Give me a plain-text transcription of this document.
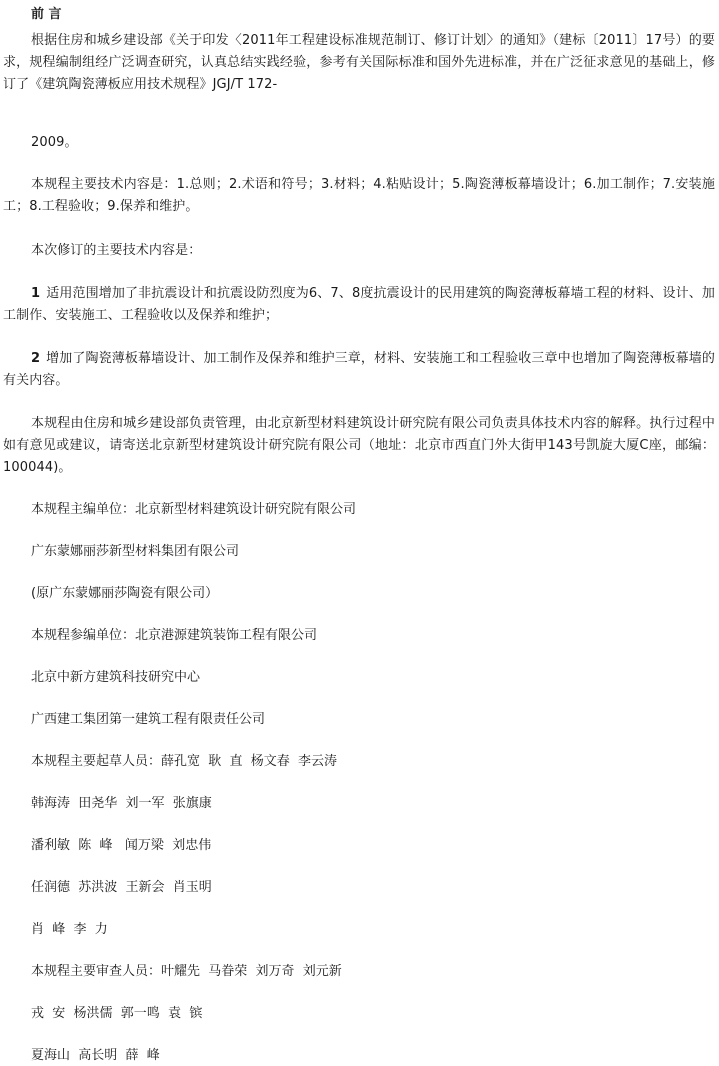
前 言

根据住房和城乡建设部《关于印发〈2011年工程建设标准规范制订、修订计划〉的通知》（建标〔2011〕17号）的要求，规程编制组经广泛调查研究，认真总结实践经验，参考有关国际标准和国外先进标准，并在广泛征求意见的基础上，修订了《建筑陶瓷薄板应用技术规程》JGJ/T 172-

2009。

本规程主要技术内容是：1.总则；2.术语和符号；3.材料；4.粘贴设计；5.陶瓷薄板幕墙设计；6.加工制作；7.安装施工；8.工程验收；9.保养和维护。

本次修订的主要技术内容是：

1 适用范围增加了非抗震设计和抗震设防烈度为6、7、8度抗震设计的民用建筑的陶瓷薄板幕墙工程的材料、设计、加工制作、安装施工、工程验收以及保养和维护；

2 增加了陶瓷薄板幕墙设计、加工制作及保养和维护三章，材料、安装施工和工程验收三章中也增加了陶瓷薄板幕墙的有关内容。

本规程由住房和城乡建设部负责管理，由北京新型材料建筑设计研究院有限公司负责具体技术内容的解释。执行过程中如有意见或建议，请寄送北京新型材建筑设计研究院有限公司（地址：北京市西直门外大街甲143号凯旋大厦C座，邮编：100044)。

本规程主编单位：北京新型材料建筑设计研究院有限公司
广东蒙娜丽莎新型材料集团有限公司
(原广东蒙娜丽莎陶瓷有限公司）
本规程参编单位：北京港源建筑装饰工程有限公司
北京中新方建筑科技研究中心
广西建工集团第一建筑工程有限责任公司
本规程主要起草人员：薛孔宽  耿  直  杨文春  李云涛
韩海涛  田尧华  刘一军  张旗康
潘利敏  陈  峰   闻万梁  刘忠伟
任润德  苏洪波  王新会  肖玉明
肖  峰  李  力
本规程主要审查人员：叶耀先  马眷荣  刘万奇  刘元新
戎  安  杨洪儒  郭一鸣  袁  镔
夏海山  高长明  薛  峰
